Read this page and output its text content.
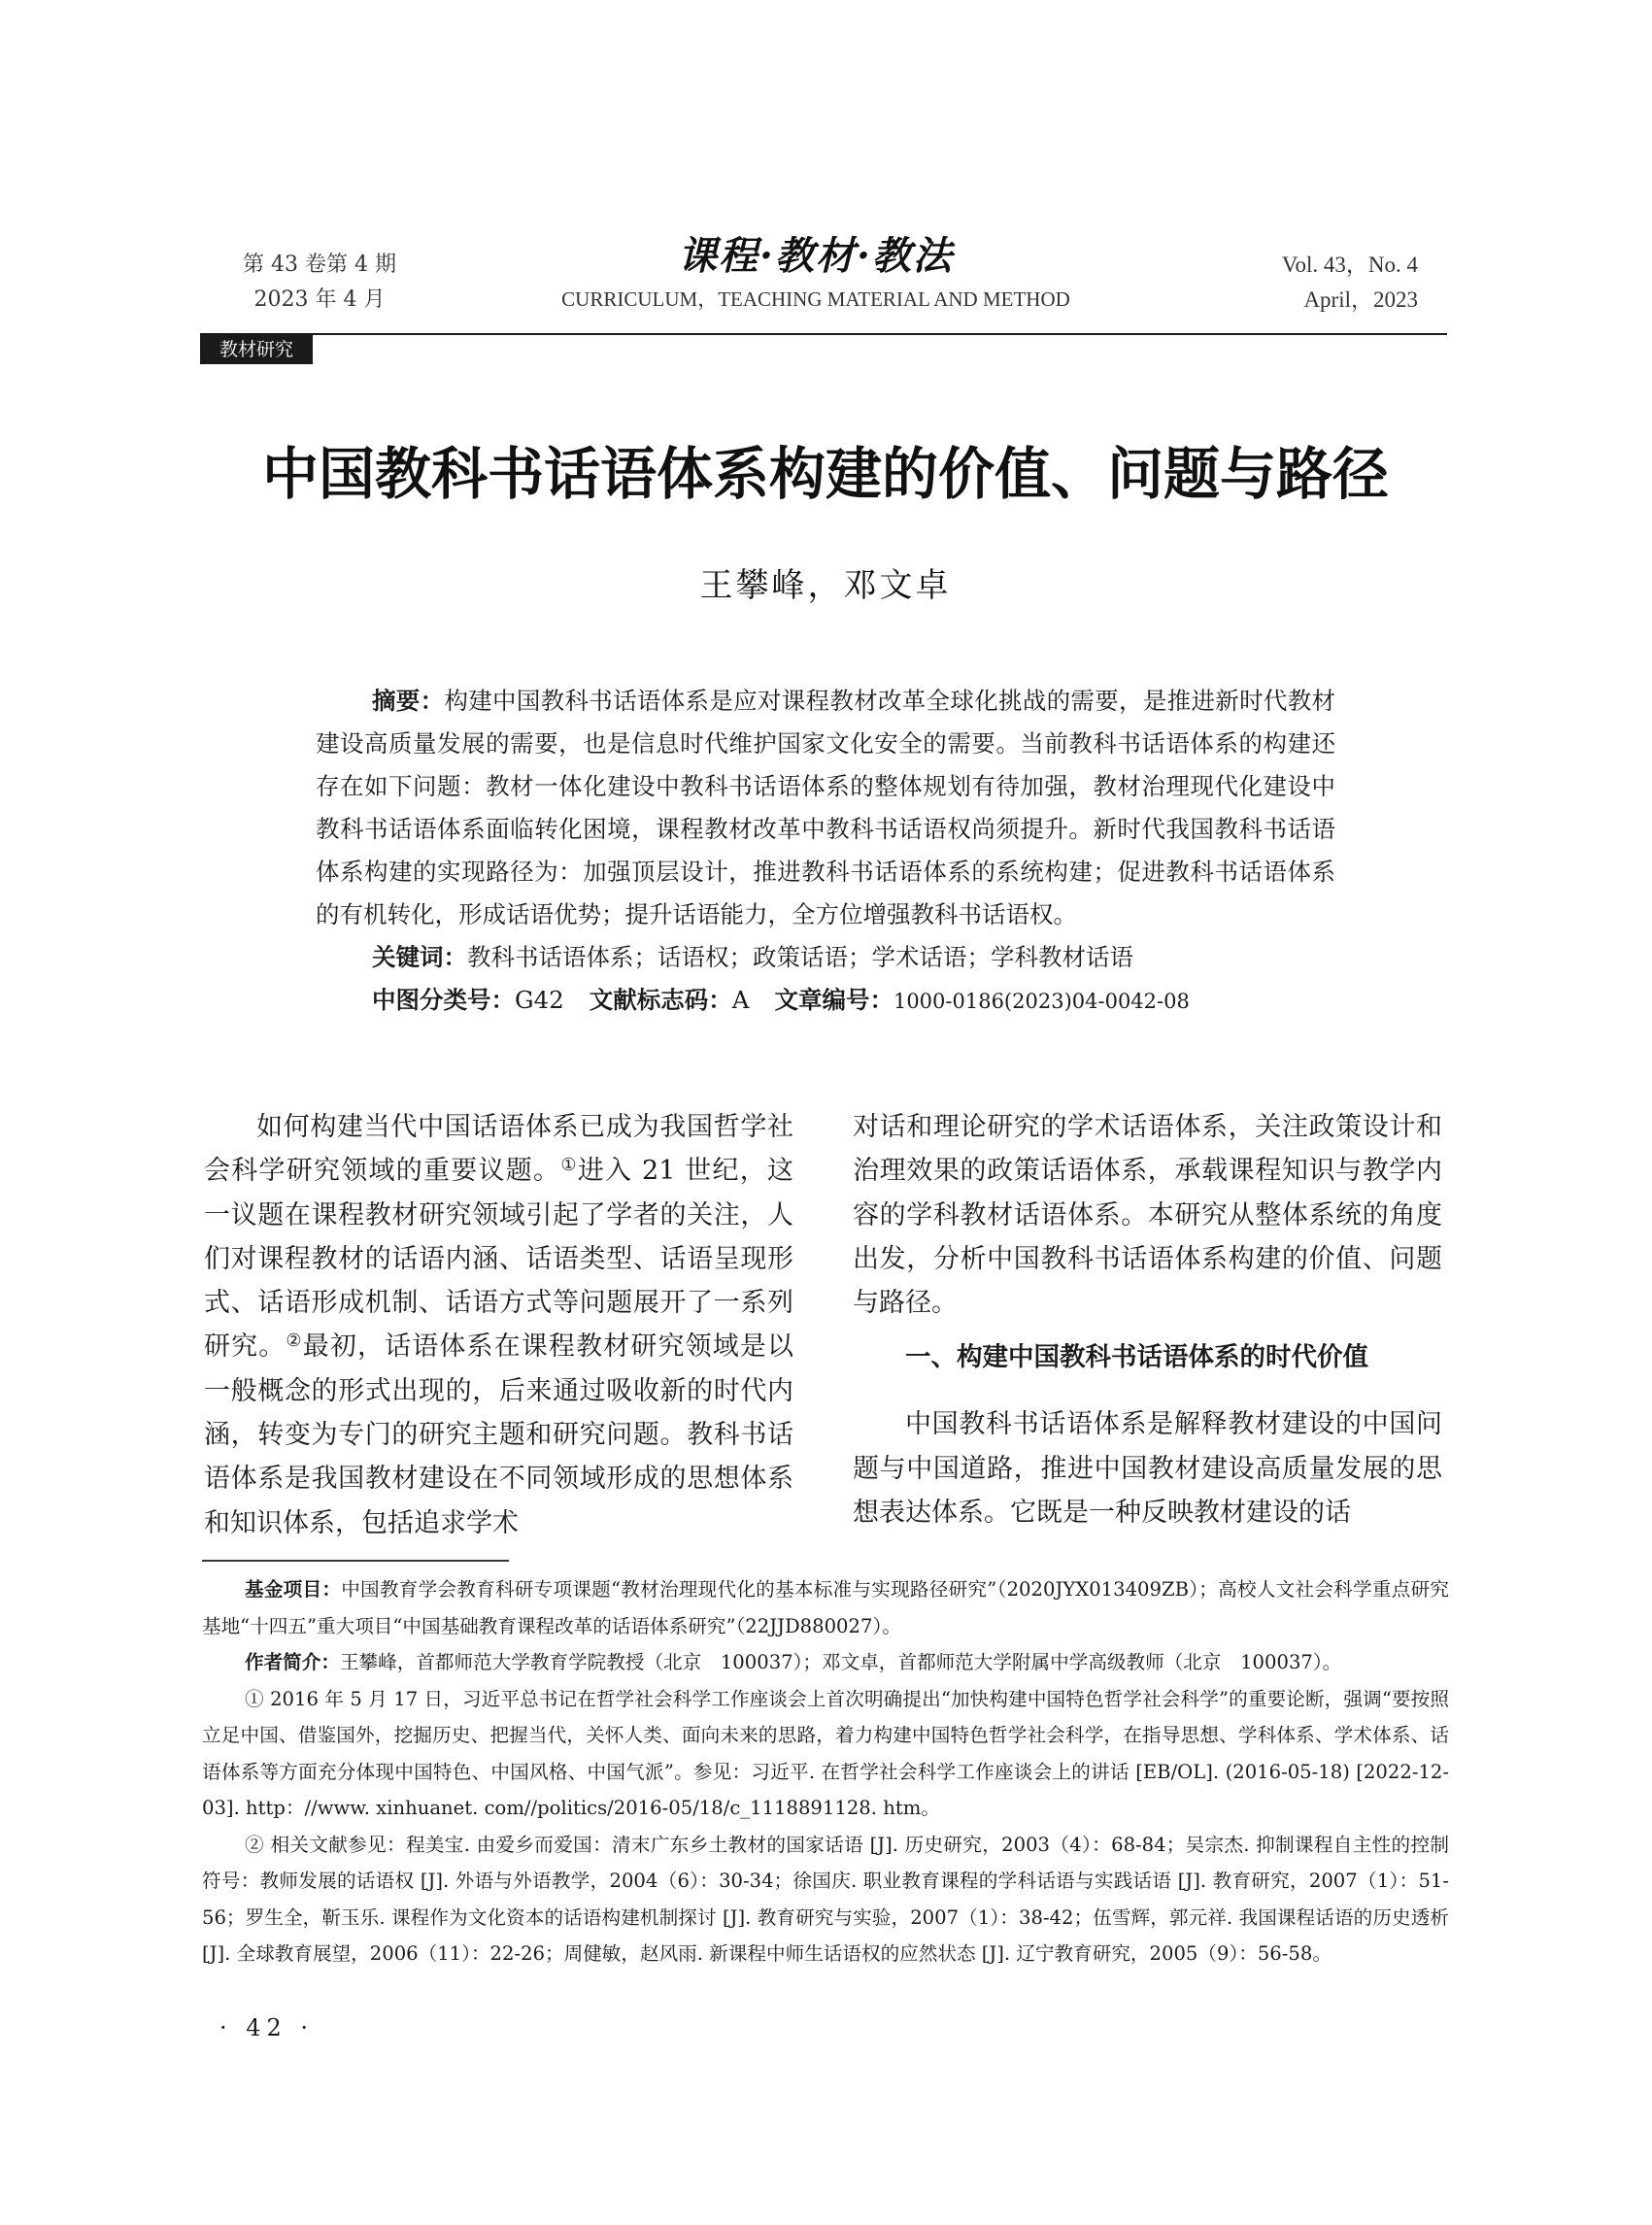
第 43 卷第 4 期
2023 年 4 月
课程·教材·教法
CURRICULUM，TEACHING MATERIAL AND METHOD
Vol. 43，No. 4
April，2023
教材研究
中国教科书话语体系构建的价值、问题与路径
王攀峰，邓文卓

摘要：构建中国教科书话语体系是应对课程教材改革全球化挑战的需要，是推进新时代教材建设高质量发展的需要，也是信息时代维护国家文化安全的需要。当前教科书话语体系的构建还存在如下问题：教材一体化建设中教科书话语体系的整体规划有待加强，教材治理现代化建设中教科书话语体系面临转化困境，课程教材改革中教科书话语权尚须提升。新时代我国教科书话语体系构建的实现路径为：加强顶层设计，推进教科书话语体系的系统构建；促进教科书话语体系的有机转化，形成话语优势；提升话语能力，全方位增强教科书话语权。

关键词：教科书话语体系；话语权；政策话语；学术话语；学科教材话语

中图分类号：G42 文献标志码：A 文章编号：1000-0186(2023)04-0042-08

如何构建当代中国话语体系已成为我国哲学社会科学研究领域的重要议题。①进入 21 世纪，这一议题在课程教材研究领域引起了学者的关注，人们对课程教材的话语内涵、话语类型、话语呈现形式、话语形成机制、话语方式等问题展开了一系列研究。②最初，话语体系在课程教材研究领域是以一般概念的形式出现的，后来通过吸收新的时代内涵，转变为专门的研究主题和研究问题。教科书话语体系是我国教材建设在不同领域形成的思想体系和知识体系，包括追求学术

对话和理论研究的学术话语体系，关注政策设计和治理效果的政策话语体系，承载课程知识与教学内容的学科教材话语体系。本研究从整体系统的角度出发，分析中国教科书话语体系构建的价值、问题与路径。

一、构建中国教科书话语体系的时代价值

中国教科书话语体系是解释教材建设的中国问题与中国道路，推进中国教材建设高质量发展的思想表达体系。它既是一种反映教材建设的话

基金项目：中国教育学会教育科研专项课题“教材治理现代化的基本标准与实现路径研究”（2020JYX013409ZB）；高校人文社会科学重点研究基地“十四五”重大项目“中国基础教育课程改革的话语体系研究”（22JJD880027）。

作者简介：王攀峰，首都师范大学教育学院教授（北京　100037）；邓文卓，首都师范大学附属中学高级教师（北京　100037）。

① 2016 年 5 月 17 日，习近平总书记在哲学社会科学工作座谈会上首次明确提出“加快构建中国特色哲学社会科学”的重要论断，强调“要按照立足中国、借鉴国外，挖掘历史、把握当代，关怀人类、面向未来的思路，着力构建中国特色哲学社会科学，在指导思想、学科体系、学术体系、话语体系等方面充分体现中国特色、中国风格、中国气派”。参见：习近平. 在哲学社会科学工作座谈会上的讲话 [EB/OL]. (2016-05-18) [2022-12-03]. http：//www. xinhuanet. com//politics/2016-05/18/c_1118891128. htm。

② 相关文献参见：程美宝. 由爱乡而爱国：清末广东乡土教材的国家话语 [J]. 历史研究，2003（4）：68-84；吴宗杰. 抑制课程自主性的控制符号：教师发展的话语权 [J]. 外语与外语教学，2004（6）：30-34；徐国庆. 职业教育课程的学科话语与实践话语 [J]. 教育研究，2007（1）：51-56；罗生全，靳玉乐. 课程作为文化资本的话语构建机制探讨 [J]. 教育研究与实验，2007（1）：38-42；伍雪辉，郭元祥. 我国课程话语的历史透析 [J]. 全球教育展望，2006（11）：22-26；周健敏，赵风雨. 新课程中师生话语权的应然状态 [J]. 辽宁教育研究，2005（9）：56-58。

· 42 ·
